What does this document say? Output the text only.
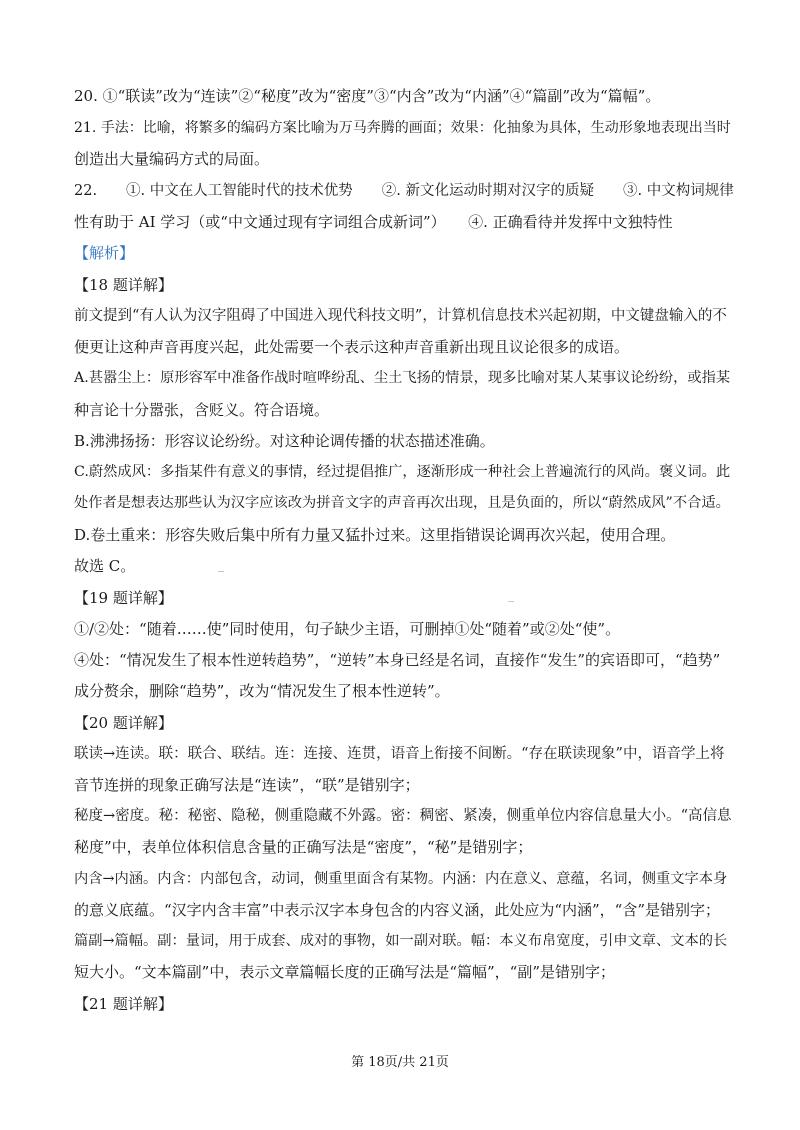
20. ①“联读”改为“连读”②“秘度”改为“密度”③“内含”改为“内涵”④“篇副”改为“篇幅”。
21. 手法：比喻，将繁多的编码方案比喻为万马奔腾的画面；效果：化抽象为具体，生动形象地表现出当时
创造出大量编码方式的局面。
22.　　①. 中文在人工智能时代的技术优势　　②. 新文化运动时期对汉字的质疑　　③. 中文构词规律
性有助于 AI 学习（或“中文通过现有字词组合成新词”）　　④. 正确看待并发挥中文独特性
【解析】
【18 题详解】
前文提到“有人认为汉字阻碍了中国进入现代科技文明”，计算机信息技术兴起初期，中文键盘输入的不
便更让这种声音再度兴起，此处需要一个表示这种声音重新出现且议论很多的成语。
A.甚嚣尘上：原形容军中准备作战时喧哗纷乱、尘土飞扬的情景，现多比喻对某人某事议论纷纷，或指某
种言论十分嚣张，含贬义。符合语境。
B.沸沸扬扬：形容议论纷纷。对这种论调传播的状态描述准确。
C.蔚然成风：多指某件有意义的事情，经过提倡推广，逐渐形成一种社会上普遍流行的风尚。褒义词。此
处作者是想表达那些认为汉字应该改为拼音文字的声音再次出现，且是负面的，所以“蔚然成风”不合适。
D.卷土重来：形容失败后集中所有力量又猛扑过来。这里指错误论调再次兴起，使用合理。
故选 C。
【19 题详解】
①/②处：“随着……使”同时使用，句子缺少主语，可删掉①处“随着”或②处“使”。
④处：“情况发生了根本性逆转趋势”，“逆转”本身已经是名词，直接作“发生”的宾语即可，“趋势”
成分赘余，删除“趋势”，改为“情况发生了根本性逆转”。
【20 题详解】
联读→连读。联：联合、联结。连：连接、连贯，语音上衔接不间断。“存在联读现象”中，语音学上将
音节连拼的现象正确写法是“连读”，“联”是错别字；
秘度→密度。秘：秘密、隐秘，侧重隐藏不外露。密：稠密、紧凑，侧重单位内容信息量大小。“高信息
秘度”中，表单位体积信息含量的正确写法是“密度”，“秘”是错别字；
内含→内涵。内含：内部包含，动词，侧重里面含有某物。内涵：内在意义、意蕴，名词，侧重文字本身
的意义底蕴。“汉字内含丰富”中表示汉字本身包含的内容义涵，此处应为“内涵”，“含”是错别字；
篇副→篇幅。副：量词，用于成套、成对的事物，如一副对联。幅：本义布帛宽度，引申文章、文本的长
短大小。“文本篇副”中，表示文章篇幅长度的正确写法是“篇幅”，“副”是错别字；
【21 题详解】
第 18页/共 21页
